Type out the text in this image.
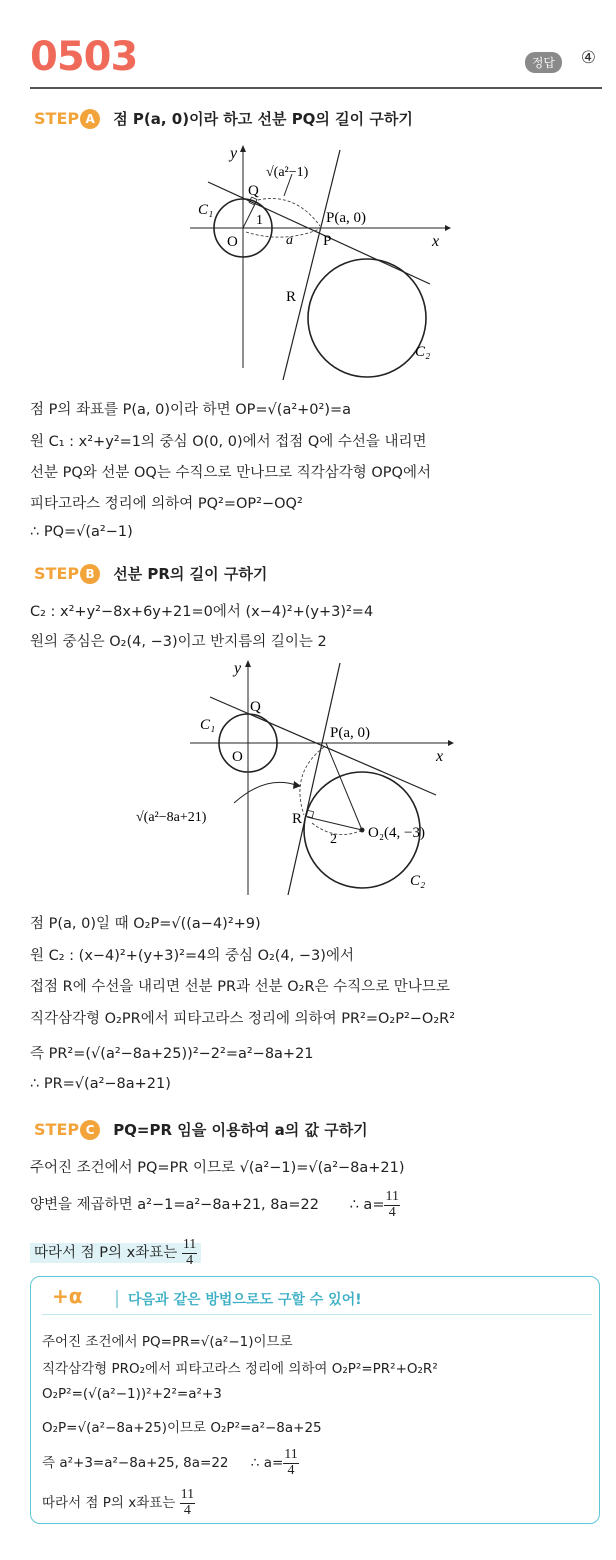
0503	정답	④
STEP A 점 P(a, 0)이라 하고 선분 PQ의 길이 구하기
y
x
O
Q
P
P(a, 0)
C₁
C₂
R
1
a
√(a²−1)
점 P의 좌표를 P(a, 0)이라 하면 OP=√(a²+0²)=a
원 C₁ : x²+y²=1의 중심 O(0, 0)에서 접점 Q에 수선을 내리면
선분 PQ와 선분 OQ는 수직으로 만나므로 직각삼각형 OPQ에서
피타고라스 정리에 의하여 PQ²=OP²−OQ²
∴ PQ=√(a²−1)
STEP B 선분 PR의 길이 구하기
C₂ : x²+y²−8x+6y+21=0에서 (x−4)²+(y+3)²=4
원의 중심은 O₂(4, −3)이고 반지름의 길이는 2
y
x
O
Q
P(a, 0)
R
O₂(4, −3)
2
C₁
C₂
√(a²−8a+21)
점 P(a, 0)일 때 O₂P=√((a−4)²+9)
원 C₂ : (x−4)²+(y+3)²=4의 중심 O₂(4, −3)에서
접점 R에 수선을 내리면 선분 PR과 선분 O₂R은 수직으로 만나므로
직각삼각형 O₂PR에서 피타고라스 정리에 의하여 PR²=O₂P²−O₂R²
즉 PR²=(√(a²−8a+25))²−2²=a²−8a+21
∴ PR=√(a²−8a+21)
STEP C PQ=PR 임을 이용하여 a의 값 구하기
주어진 조건에서 PQ=PR 이므로 √(a²−1)=√(a²−8a+21)
양변을 제곱하면 a²−1=a²−8a+21, 8a=22 ∴ $a= \frac{11}{4}$
따라서 점 P의 x좌표는 $\frac{11}{4}$
+α	다음과 같은 방법으로도 구할 수 있어!
주어진 조건에서 PQ=PR=√(a²−1)이므로
직각삼각형 PRO₂에서 피타고라스 정리에 의하여 O₂P²=PR²+O₂R²
O₂P²=(√(a²−1))²+2²=a²+3
O₂P=√(a²−8a+25)이므로 O₂P²=a²−8a+25
즉 a²+3=a²−8a+25, 8a=22 ∴ $a= \frac{11}{4}$
따라서 점 P의 x좌표는 $\frac{11}{4}$
